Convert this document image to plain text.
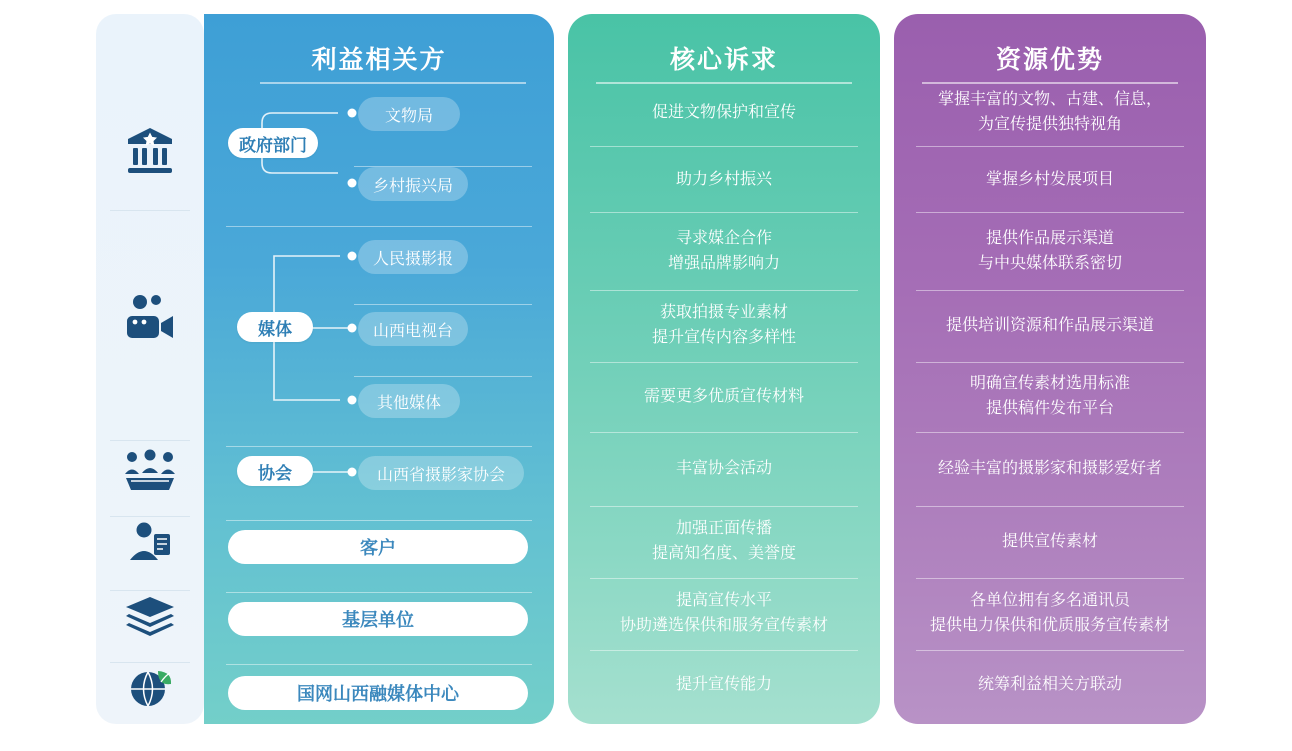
利益相关方
政府部门
媒体
协会
文物局
乡村振兴局
人民摄影报
山西电视台
其他媒体
山西省摄影家协会
客户
基层单位
国网山西融媒体中心
核心诉求
促进文物保护和宣传
助力乡村振兴
寻求媒企合作
增强品牌影响力
获取拍摄专业素材
提升宣传内容多样性
需要更多优质宣传材料
丰富协会活动
加强正面传播
提高知名度、美誉度
提高宣传水平
协助遴选保供和服务宣传素材
提升宣传能力
资源优势
掌握丰富的文物、古建、信息，
为宣传提供独特视角
掌握乡村发展项目
提供作品展示渠道
与中央媒体联系密切
提供培训资源和作品展示渠道
明确宣传素材选用标准
提供稿件发布平台
经验丰富的摄影家和摄影爱好者
提供宣传素材
各单位拥有多名通讯员
提供电力保供和优质服务宣传素材
统筹利益相关方联动
